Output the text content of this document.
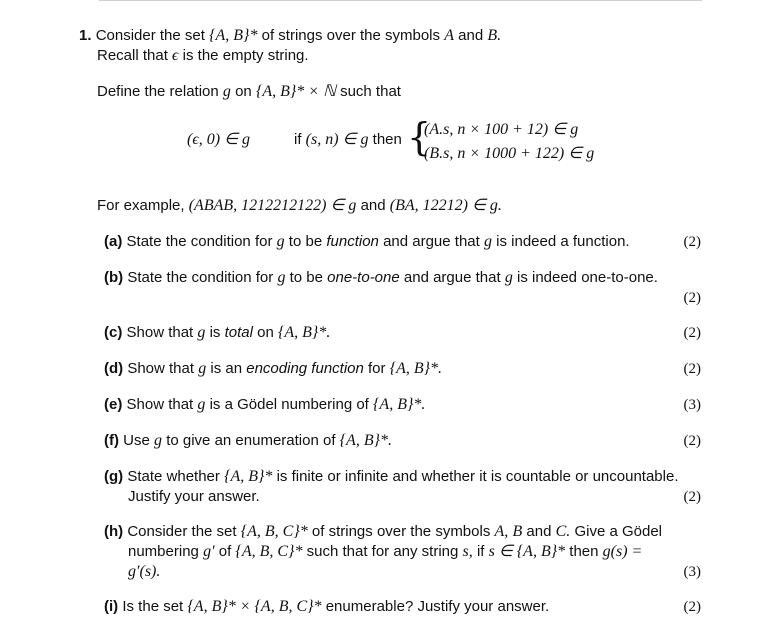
1. Consider the set {A, B}* of strings over the symbols A and B.
Recall that ϵ is the empty string.
Define the relation g on {A, B}* × ℕ such that
(ϵ, 0) ∈ g	if (s, n) ∈ g then {
(A.s, n × 100 + 12) ∈ g
(B.s, n × 1000 + 122) ∈ g
For example, (ABAB, 1212212122) ∈ g and (BA, 12212) ∈ g.
(a) State the condition for g to be function and argue that g is indeed a function.	(2)
(b) State the condition for g to be one-to-one and argue that g is indeed one-to-one.
(2)
(c) Show that g is total on {A, B}*.	(2)
(d) Show that g is an encoding function for {A, B}*.	(2)
(e) Show that g is a Gödel numbering of {A, B}*.	(3)
(f) Use g to give an enumeration of {A, B}*.	(2)
(g) State whether {A, B}* is finite or infinite and whether it is countable or uncountable.
Justify your answer.	(2)
(h) Consider the set {A, B, C}* of strings over the symbols A, B and C. Give a Gödel
numbering g′ of {A, B, C}* such that for any string s, if s ∈ {A, B}* then g(s) =
g′(s).	(3)
(i) Is the set {A, B}* × {A, B, C}* enumerable? Justify your answer.	(2)
